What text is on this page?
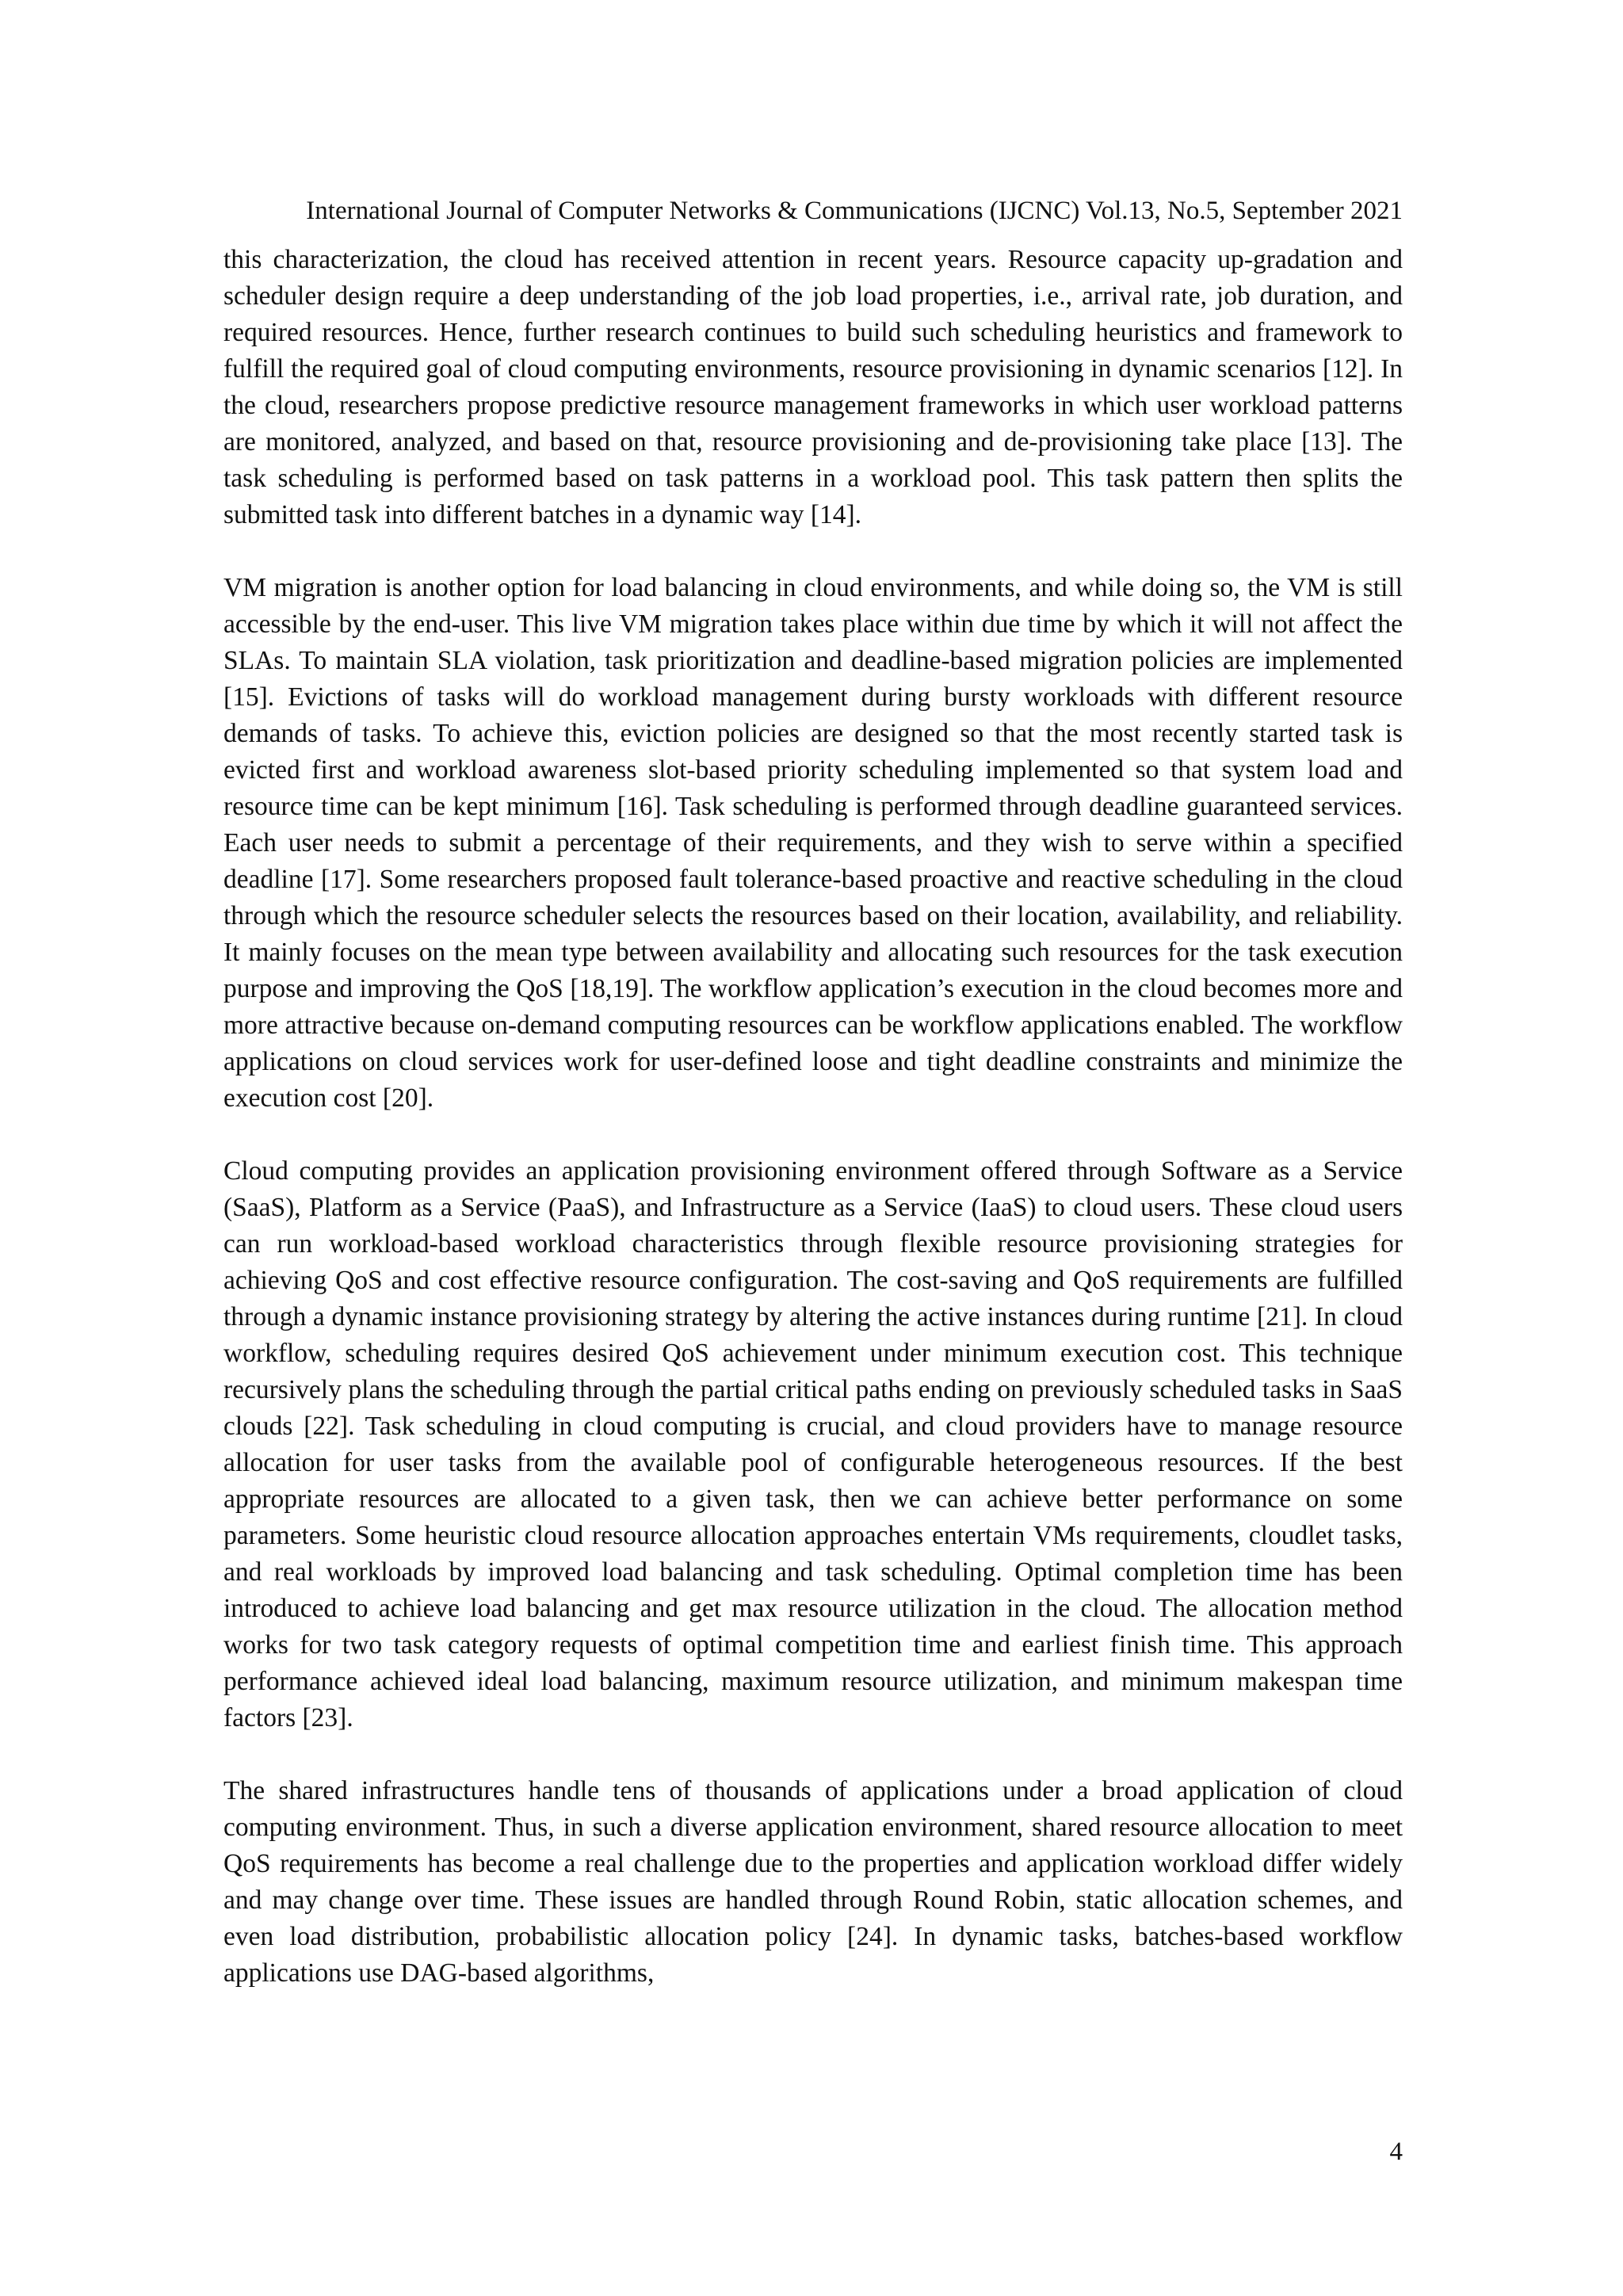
International Journal of Computer Networks & Communications (IJCNC) Vol.13, No.5, September 2021

this characterization, the cloud has received attention in recent years. Resource capacity up-gradation and scheduler design require a deep understanding of the job load properties, i.e., arrival rate, job duration, and required resources. Hence, further research continues to build such scheduling heuristics and framework to fulfill the required goal of cloud computing environments, resource provisioning in dynamic scenarios [12]. In the cloud, researchers propose predictive resource management frameworks in which user workload patterns are monitored, analyzed, and based on that, resource provisioning and de-provisioning take place [13]. The task scheduling is performed based on task patterns in a workload pool. This task pattern then splits the submitted task into different batches in a dynamic way [14].

VM migration is another option for load balancing in cloud environments, and while doing so, the VM is still accessible by the end-user. This live VM migration takes place within due time by which it will not affect the SLAs. To maintain SLA violation, task prioritization and deadline-based migration policies are implemented [15]. Evictions of tasks will do workload management during bursty workloads with different resource demands of tasks. To achieve this, eviction policies are designed so that the most recently started task is evicted first and workload awareness slot-based priority scheduling implemented so that system load and resource time can be kept minimum [16]. Task scheduling is performed through deadline guaranteed services. Each user needs to submit a percentage of their requirements, and they wish to serve within a specified deadline [17]. Some researchers proposed fault tolerance-based proactive and reactive scheduling in the cloud through which the resource scheduler selects the resources based on their location, availability, and reliability. It mainly focuses on the mean type between availability and allocating such resources for the task execution purpose and improving the QoS [18,19]. The workflow application’s execution in the cloud becomes more and more attractive because on-demand computing resources can be workflow applications enabled. The workflow applications on cloud services work for user-defined loose and tight deadline constraints and minimize the execution cost [20].

Cloud computing provides an application provisioning environment offered through Software as a Service (SaaS), Platform as a Service (PaaS), and Infrastructure as a Service (IaaS) to cloud users. These cloud users can run workload-based workload characteristics through flexible resource provisioning strategies for achieving QoS and cost effective resource configuration. The cost-saving and QoS requirements are fulfilled through a dynamic instance provisioning strategy by altering the active instances during runtime [21]. In cloud workflow, scheduling requires desired QoS achievement under minimum execution cost. This technique recursively plans the scheduling through the partial critical paths ending on previously scheduled tasks in SaaS clouds [22]. Task scheduling in cloud computing is crucial, and cloud providers have to manage resource allocation for user tasks from the available pool of configurable heterogeneous resources. If the best appropriate resources are allocated to a given task, then we can achieve better performance on some parameters. Some heuristic cloud resource allocation approaches entertain VMs requirements, cloudlet tasks, and real workloads by improved load balancing and task scheduling. Optimal completion time has been introduced to achieve load balancing and get max resource utilization in the cloud. The allocation method works for two task category requests of optimal competition time and earliest finish time. This approach performance achieved ideal load balancing, maximum resource utilization, and minimum makespan time factors [23].

The shared infrastructures handle tens of thousands of applications under a broad application of cloud computing environment. Thus, in such a diverse application environment, shared resource allocation to meet QoS requirements has become a real challenge due to the properties and application workload differ widely and may change over time. These issues are handled through Round Robin, static allocation schemes, and even load distribution, probabilistic allocation policy [24]. In dynamic tasks, batches-based workflow applications use DAG-based algorithms,

4
